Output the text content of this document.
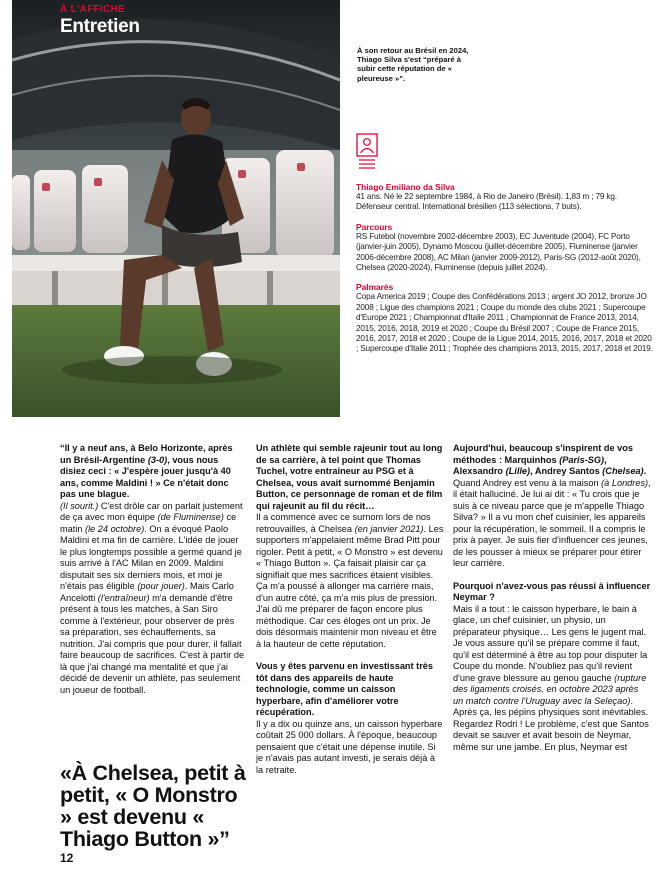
À L'AFFICHE
Entretien
À son retour au Brésil en 2024, Thiago Silva s'est “préparé à subir cette réputation de « pleureuse »”.
Thiago Emiliano da Silva
41 ans. Né le 22 septembre 1984, à Rio de Janeiro (Brésil). 1,83 m ; 79 kg. Défenseur central. International brésilien (113 sélections, 7 buts).
Parcours
RS Futebol (novembre 2002-décembre 2003), EC Juventude (2004), FC Porto (janvier-juin 2005), Dynamo Moscou (juillet-décembre 2005), Fluminense (janvier 2006-décembre 2008), AC Milan (janvier 2009-2012), Paris-SG (2012-août 2020), Chelsea (2020-2024), Fluminense (depuis juillet 2024).
Palmarès
Copa America 2019 ; Coupe des Confédérations 2013 ; argent JO 2012, bronze JO 2008 ; Ligue des champions 2021 ; Coupe du monde des clubs 2021 ; Supercoupe d'Europe 2021 ; Championnat d'Italie 2011 ; Championnat de France 2013, 2014, 2015, 2016, 2018, 2019 et 2020 ; Coupe du Brésil 2007 ; Coupe de France 2015, 2016, 2017, 2018 et 2020 ; Coupe de la Ligue 2014, 2015, 2016, 2017, 2018 et 2020 ; Supercoupe d'Italie 2011 ; Trophée des champions 2013, 2015, 2017, 2018 et 2019.

“Il y a neuf ans, à Belo Horizonte, après un Brésil-Argentine (3-0), vous nous disiez ceci : « J'espère jouer jusqu'à 40 ans, comme Maldini ! » Ce n'était donc pas une blague.

(Il sourit.) C'est drôle car on parlait justement de ça avec mon équipe (de Fluminense) ce matin (le 24 octobre). On a évoqué Paolo Maldini et ma fin de carrière. L'idée de jouer le plus longtemps possible a germé quand je suis arrivé à l'AC Milan en 2009. Maldini disputait ses six derniers mois, et moi je n'étais pas éligible (pour jouer). Mais Carlo Ancelotti (l'entraîneur) m'a demandé d'être présent à tous les matches, à San Siro comme à l'extérieur, pour observer de près sa préparation, ses échauffements, sa nutrition. J'ai compris que pour durer, il fallait faire beaucoup de sacrifices. C'est à partir de là que j'ai changé ma mentalité et que j'ai décidé de devenir un athlète, pas seulement un joueur de football.

«À Chelsea, petit à petit, « O Monstro » est devenu « Thiago Button »”

Un athlète qui semble rajeunir tout au long de sa carrière, à tel point que Thomas Tuchel, votre entraîneur au PSG et à Chelsea, vous avait surnommé Benjamin Button, ce personnage de roman et de film qui rajeunit au fil du récit…

Il a commencé avec ce surnom lors de nos retrouvailles, à Chelsea (en janvier 2021). Les supporters m'appelaient même Brad Pitt pour rigoler. Petit à petit, « O Monstro » est devenu « Thiago Button ». Ça faisait plaisir car ça signifiait que mes sacrifices étaient visibles. Ça m'a poussé à allonger ma carrière mais, d'un autre côté, ça m'a mis plus de pression. J'ai dû me préparer de façon encore plus méthodique. Car ces éloges ont un prix. Je dois désormais maintenir mon niveau et être à la hauteur de cette réputation.

Vous y êtes parvenu en investissant très tôt dans des appareils de haute technologie, comme un caisson hyperbare, afin d'améliorer votre récupération.

Il y a dix ou quinze ans, un caisson hyperbare coûtait 25 000 dollars. À l'époque, beaucoup pensaient que c'était une dépense inutile. Si je n'avais pas autant investi, je serais déjà à la retraite.

Aujourd'hui, beaucoup s'inspirent de vos méthodes : Marquinhos (Paris-SG), Alexsandro (Lille), Andrey Santos (Chelsea).

Quand Andrey est venu à la maison (à Londres), il était halluciné. Je lui ai dit : « Tu crois que je suis à ce niveau parce que je m'appelle Thiago Silva? » Il a vu mon chef cuisinier, les appareils pour la récupération, le sommeil. Il a compris le prix à payer. Je suis fier d'influencer ces jeunes, de les pousser à mieux se préparer pour étirer leur carrière.

Pourquoi n'avez-vous pas réussi à influencer Neymar ?

Mais il a tout : le caisson hyperbare, le bain à glace, un chef cuisinier, un physio, un préparateur physique… Les gens le jugent mal. Je vous assure qu'il se prépare comme il faut, qu'il est déterminé à être au top pour disputer la Coupe du monde. N'oubliez pas qu'il revient d'une grave blessure au genou gauche (rupture des ligaments croisés, en octobre 2023 après un match contre l'Uruguay avec la Seleçao). Après ça, les pépins physiques sont inévitables. Regardez Rodri ! Le problème, c'est que Santos devait se sauver et avait besoin de Neymar, même sur une jambe. En plus, Neymar est

12
